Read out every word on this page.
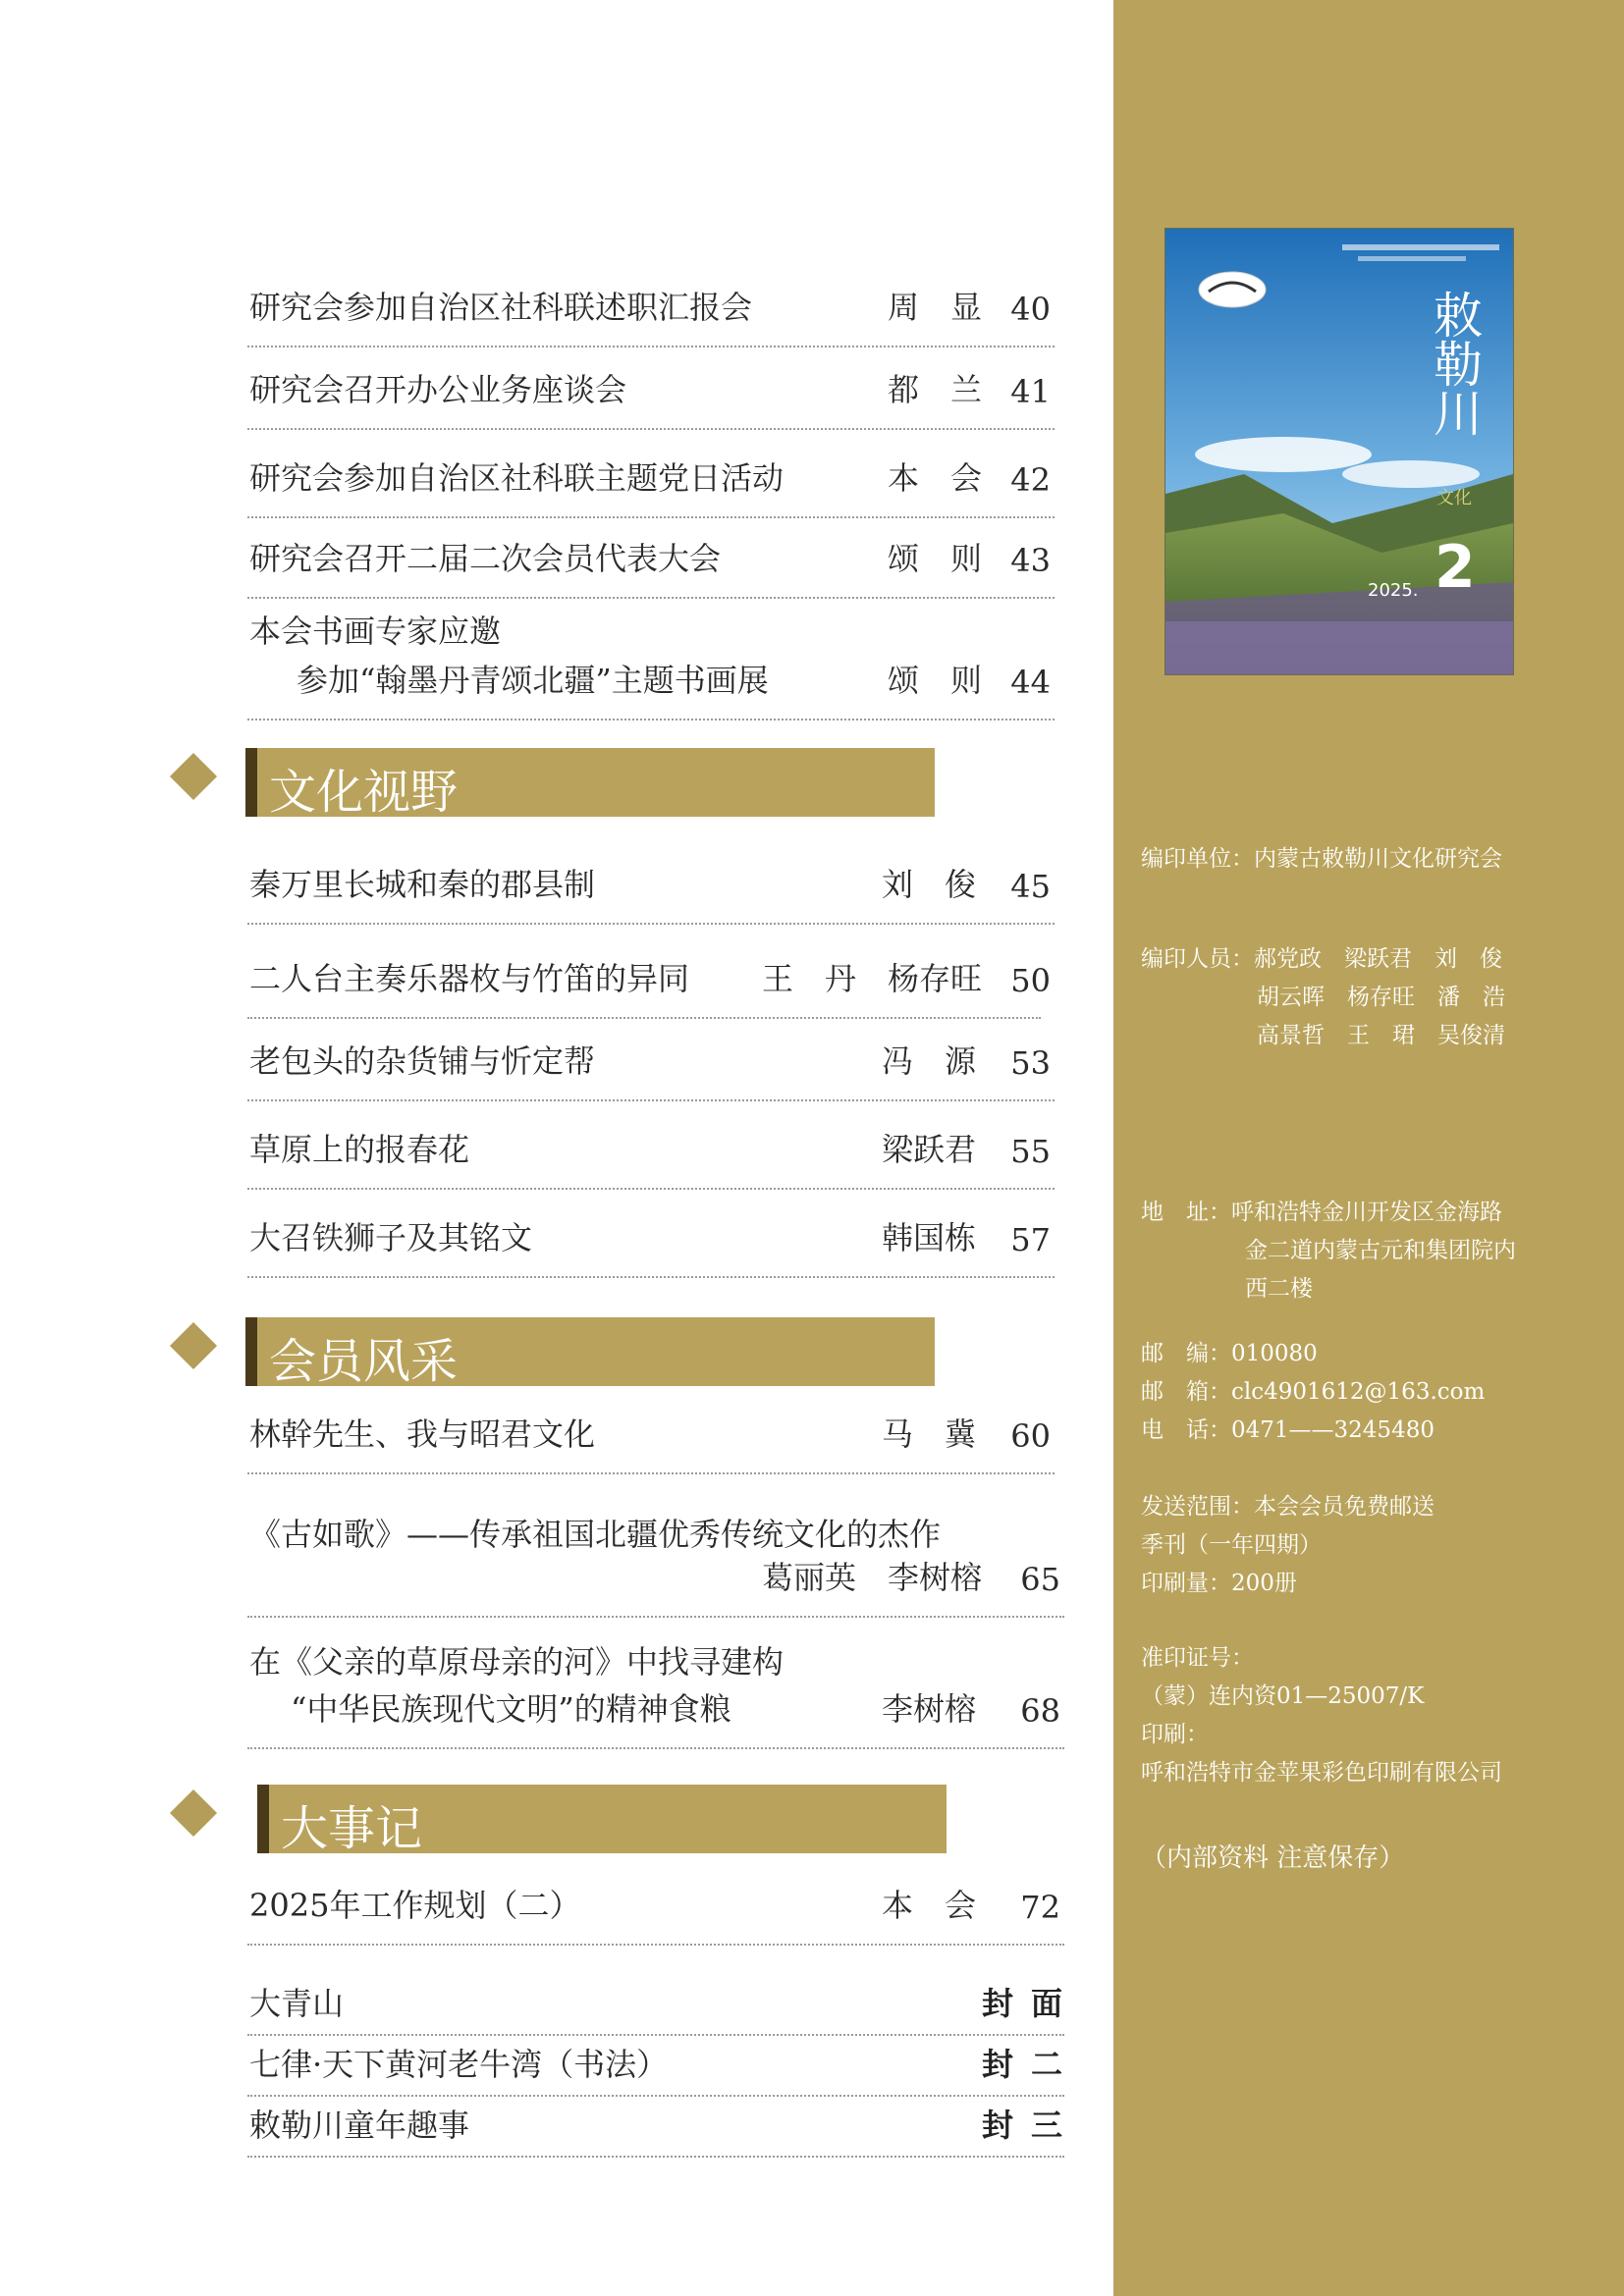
敕勒川
文化
2025. 2
编印单位：内蒙古敕勒川文化研究会
编印人员：郝党政　梁跃君　刘　俊
胡云晖　杨存旺　潘　浩
高景哲　王　珺　吴俊清
地　址：呼和浩特金川开发区金海路
金二道内蒙古元和集团院内
西二楼
邮　编：010080
邮　箱：clc4901612@163.com
电　话：0471——3245480
发送范围：本会会员免费邮送
季刊（一年四期）
印刷量：200册
准印证号：
（蒙）连内资01—25007/K
印刷：
呼和浩特市金苹果彩色印刷有限公司
（内部资料 注意保存）
研究会参加自治区社科联述职汇报会	周　显 40
研究会召开办公业务座谈会	都　兰 41
研究会参加自治区社科联主题党日活动	本　会 42
研究会召开二届二次会员代表大会	颂　则 43
本会书画专家应邀
参加“翰墨丹青颂北疆”主题书画展	颂　则 44
文化视野
秦万里长城和秦的郡县制	刘　俊 45
二人台主奏乐器枚与竹笛的异同 王　丹　杨存旺 50
老包头的杂货铺与忻定帮	冯　源 53
草原上的报春花	梁跃君 55
大召铁狮子及其铭文	韩国栋 57
会员风采
林幹先生、我与昭君文化	马　冀 60
《古如歌》——传承祖国北疆优秀传统文化的杰作
葛丽英　李树榕 65
在《父亲的草原母亲的河》中找寻建构
“中华民族现代文明”的精神食粮	李树榕 68
大事记
2025年工作规划（二）	本　会 72
大青山	封面
七律·天下黄河老牛湾（书法）	封二
敕勒川童年趣事	封三
